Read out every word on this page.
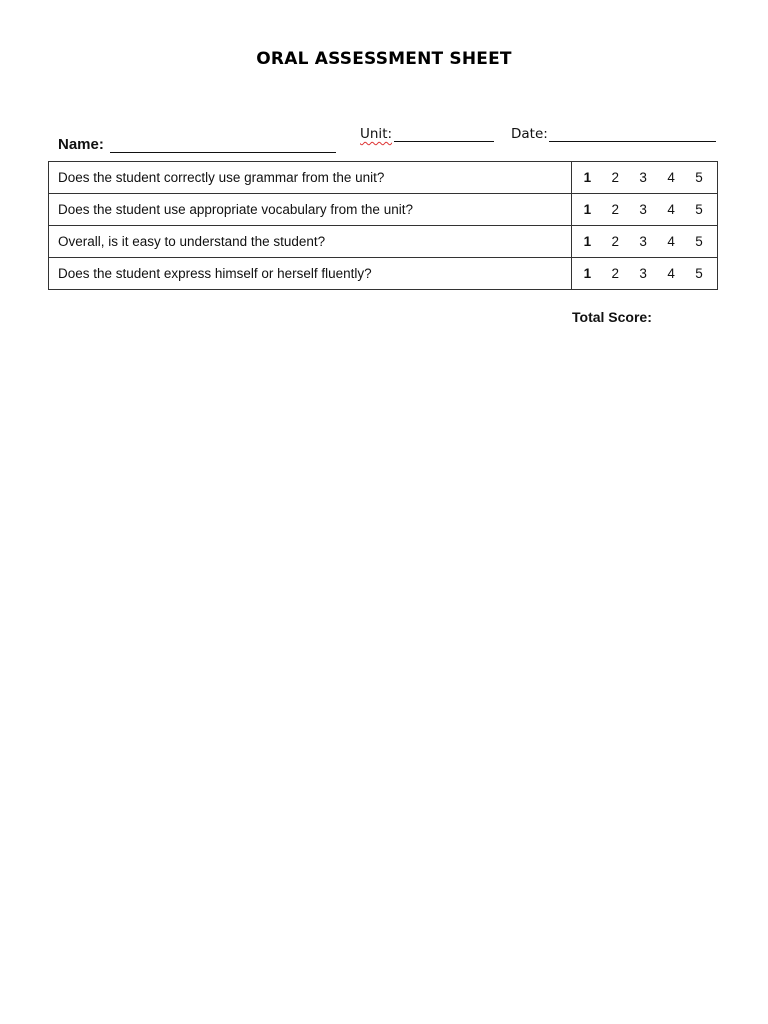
ORAL ASSESSMENT SHEET
Name:
Unit:	Date:
Does the student correctly use grammar from the unit?	1 2 3 4 5

Does the student use appropriate vocabulary from the unit?	1 2 3 4 5

Overall, is it easy to understand the student?	1 2 3 4 5

Does the student express himself or herself fluently?	1 2 3 4 5
Total Score:
